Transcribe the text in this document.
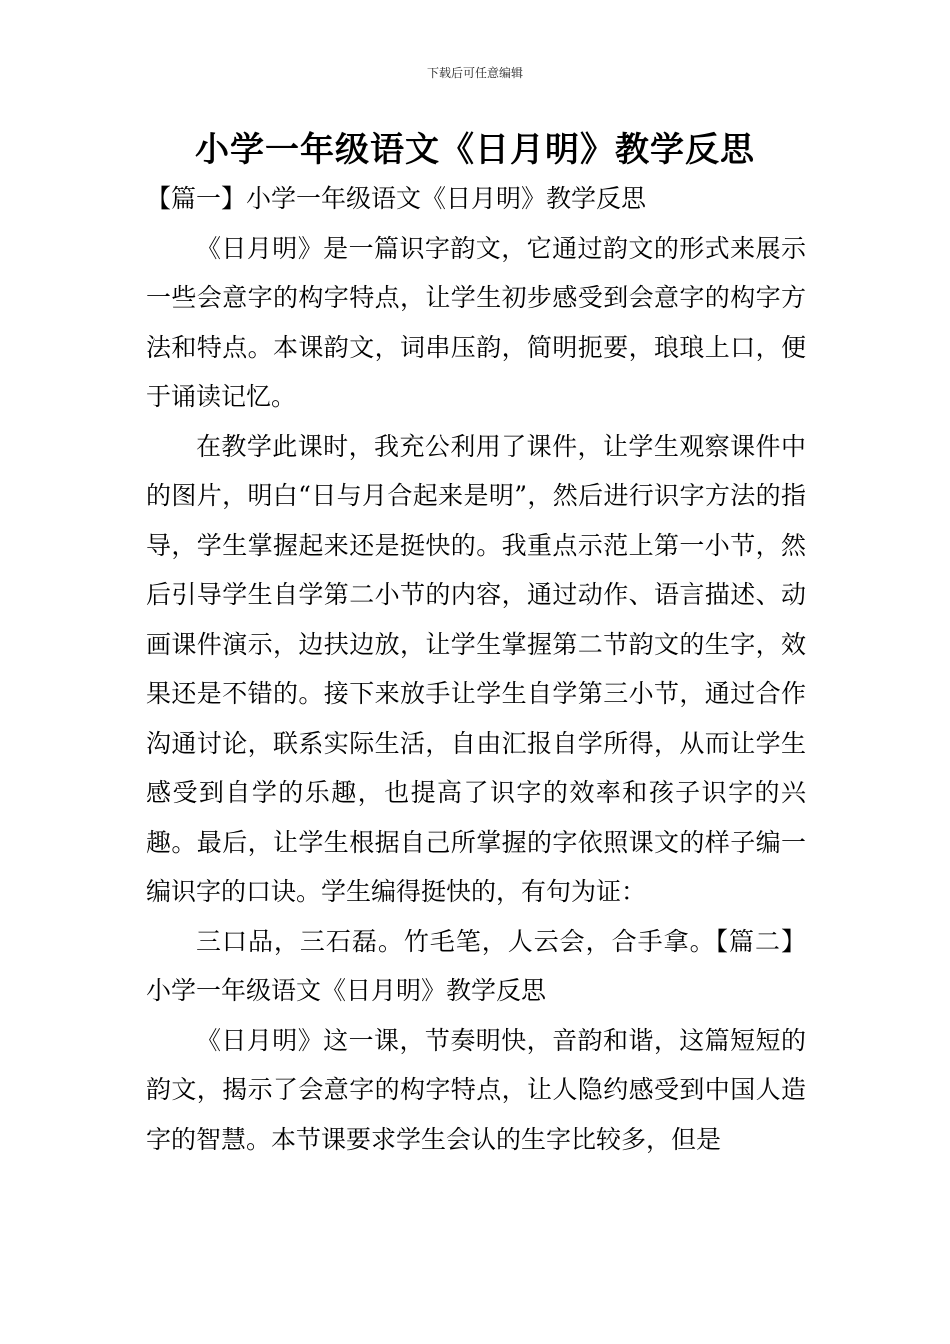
下载后可任意编辑
小学一年级语文《日月明》教学反思

【篇一】小学一年级语文《日月明》教学反思

《日月明》是一篇识字韵文，它通过韵文的形式来展示一些会意字的构字特点，让学生初步感受到会意字的构字方法和特点。本课韵文，词串压韵，简明扼要，琅琅上口，便于诵读记忆。

在教学此课时，我充公利用了课件，让学生观察课件中的图片，明白“日与月合起来是明”，然后进行识字方法的指导，学生掌握起来还是挺快的。我重点示范上第一小节，然后引导学生自学第二小节的内容，通过动作、语言描述、动画课件演示，边扶边放，让学生掌握第二节韵文的生字，效果还是不错的。接下来放手让学生自学第三小节，通过合作沟通讨论，联系实际生活，自由汇报自学所得，从而让学生感受到自学的乐趣，也提高了识字的效率和孩子识字的兴趣。最后，让学生根据自己所掌握的字依照课文的样子编一编识字的口诀。学生编得挺快的，有句为证：

三口品，三石磊。竹毛笔，人云会，合手拿。【篇二】小学一年级语文《日月明》教学反思

《日月明》这一课，节奏明快，音韵和谐，这篇短短的韵文，揭示了会意字的构字特点，让人隐约感受到中国人造字的智慧。本节课要求学生会认的生字比较多，但是
